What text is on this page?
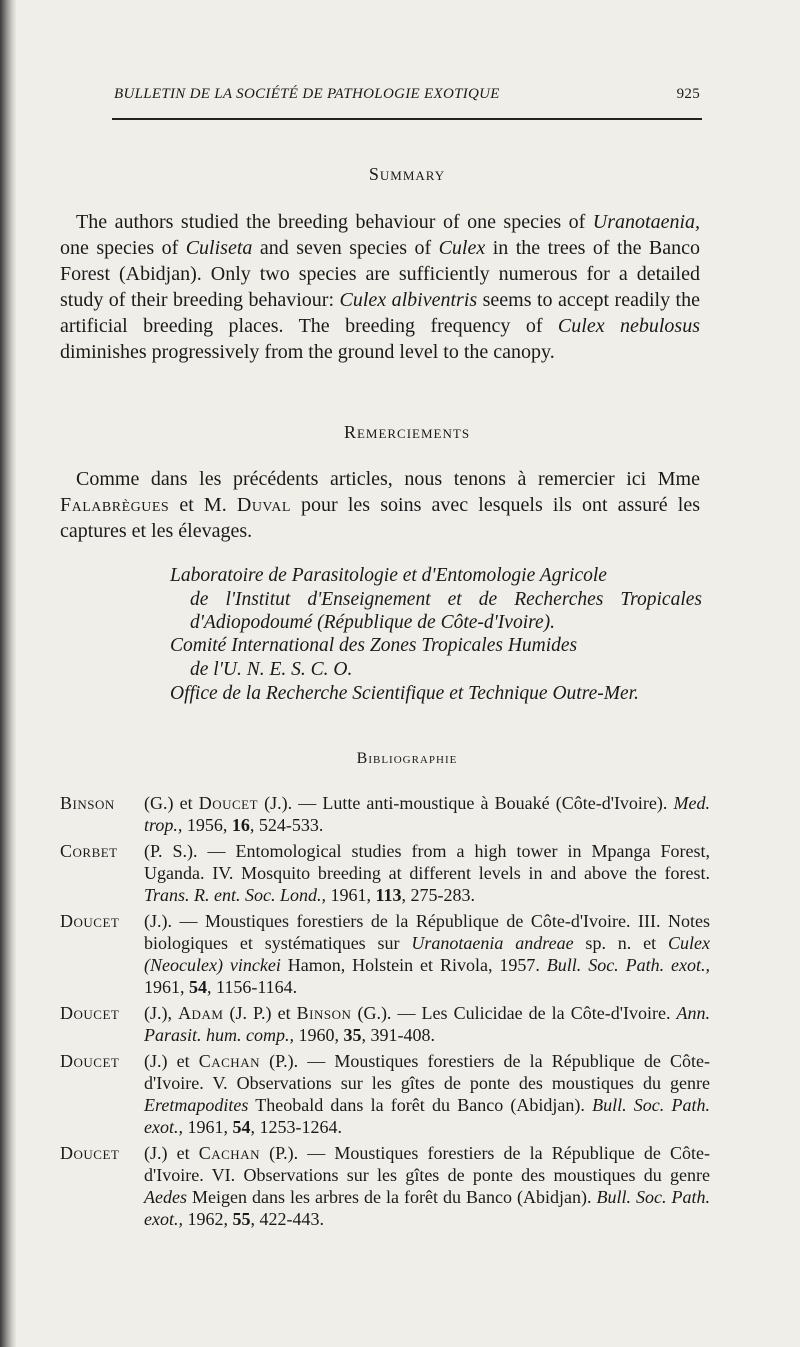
BULLETIN DE LA SOCIÉTÉ DE PATHOLOGIE EXOTIQUE	925
Summary
The authors studied the breeding behaviour of one species of Uranotaenia, one species of Culiseta and seven species of Culex in the trees of the Banco Forest (Abidjan). Only two species are sufficiently numerous for a detailed study of their breeding behaviour: Culex albiventris seems to accept readily the artificial breeding places. The breeding frequency of Culex nebulosus diminishes progressively from the ground level to the canopy.
Remerciements
Comme dans les précédents articles, nous tenons à remercier ici Mme Falabrègues et M. Duval pour les soins avec lesquels ils ont assuré les captures et les élevages.
Laboratoire de Parasitologie et d'Entomologie Agricole
de l'Institut d'Enseignement et de Recherches Tropicales d'Adiopodoumé (République de Côte-d'Ivoire).
Comité International des Zones Tropicales Humides
de l'U. N. E. S. C. O.
Office de la Recherche Scientifique et Technique Outre-Mer.
Bibliographie
Binson (G.) et Doucet (J.). — Lutte anti-moustique à Bouaké (Côte-d'Ivoire). Med. trop., 1956, 16, 524-533.
Corbet (P. S.). — Entomological studies from a high tower in Mpanga Forest, Uganda. IV. Mosquito breeding at different levels in and above the forest. Trans. R. ent. Soc. Lond., 1961, 113, 275-283.
Doucet (J.). — Moustiques forestiers de la République de Côte-d'Ivoire. III. Notes biologiques et systématiques sur Uranotaenia andreae sp. n. et Culex (Neoculex) vinckei Hamon, Holstein et Rivola, 1957. Bull. Soc. Path. exot., 1961, 54, 1156-1164.
Doucet (J.), Adam (J. P.) et Binson (G.). — Les Culicidae de la Côte-d'Ivoire. Ann. Parasit. hum. comp., 1960, 35, 391-408.
Doucet (J.) et Cachan (P.). — Moustiques forestiers de la République de Côte-d'Ivoire. V. Observations sur les gîtes de ponte des moustiques du genre Eretmapodites Theobald dans la forêt du Banco (Abidjan). Bull. Soc. Path. exot., 1961, 54, 1253-1264.
Doucet (J.) et Cachan (P.). — Moustiques forestiers de la République de Côte-d'Ivoire. VI. Observations sur les gîtes de ponte des moustiques du genre Aedes Meigen dans les arbres de la forêt du Banco (Abidjan). Bull. Soc. Path. exot., 1962, 55, 422-443.
